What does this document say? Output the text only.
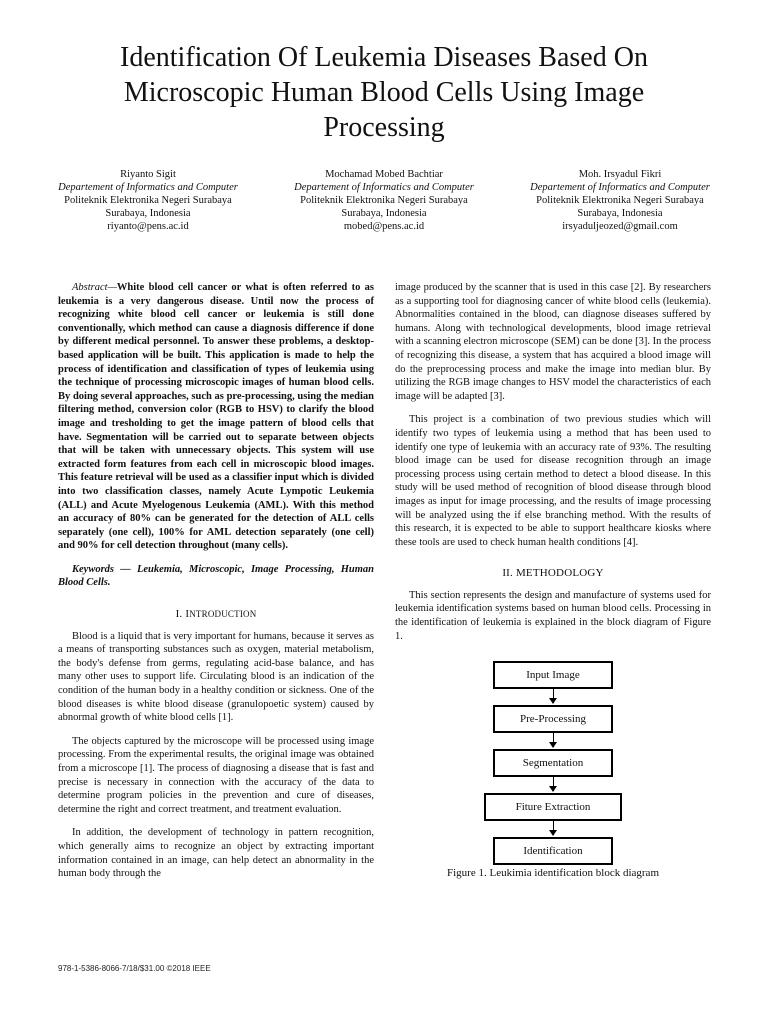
Identification Of Leukemia Diseases Based On Microscopic Human Blood Cells Using Image Processing
Riyanto Sigit
Departement of Informatics and Computer
Politeknik Elektronika Negeri Surabaya
Surabaya, Indonesia
riyanto@pens.ac.id
Mochamad Mobed Bachtiar
Departement of Informatics and Computer
Politeknik Elektronika Negeri Surabaya
Surabaya, Indonesia
mobed@pens.ac.id
Moh. Irsyadul Fikri
Departement of Informatics and Computer
Politeknik Elektronika Negeri Surabaya
Surabaya, Indonesia
irsyaduljeozed@gmail.com

Abstract—White blood cell cancer or what is often referred to as leukemia is a very dangerous disease. Until now the process of recognizing white blood cell cancer or leukemia is still done conventionally, which method can cause a diagnosis difference if done by different medical personnel. To answer these problems, a desktop-based application will be built. This application is made to help the process of identification and classification of types of leukemia using the technique of processing microscopic images of human blood cells. By doing several approaches, such as pre-processing, using the median filtering method, conversion color (RGB to HSV) to clarify the blood image and tresholding to get the image pattern of blood cells that have. Segmentation will be carried out to separate between objects that will be taken with unnecessary objects. This system will use extracted form features from each cell in microscopic blood images. This feature retrieval will be used as a classifier input which is divided into two classification classes, namely Acute Lympotic Leukemia (ALL) and Acute Myelogenous Leukemia (AML). With this method an accuracy of 80% can be generated for the detection of ALL cells separately (one cell), 100% for AML detection separately (one cell) and 90% for cell detection throughout (many cells).

Keywords — Leukemia, Microscopic, Image Processing, Human Blood Cells.

I. INTRODUCTION

Blood is a liquid that is very important for humans, because it serves as a means of transporting substances such as oxygen, material metabolism, the body's defense from germs, regulating acid-base balance, and has many other uses to support life. Circulating blood is an indication of the condition of the human body in a healthy condition or sickness. One of the blood diseases is white blood disease (granulopoetic system) caused by abnormal growth of white blood cells [1].

The objects captured by the microscope will be processed using image processing. From the experimental results, the original image was obtained from a microscope [1]. The process of diagnosing a disease that is fast and precise is necessary in connection with the accuracy of the data to determine program policies in the prevention and cure of diseases, determine the right and correct treatment, and treatment evaluation.

In addition, the development of technology in pattern recognition, which generally aims to recognize an object by extracting important information contained in an image, can help detect an abnormality in the human body through the

image produced by the scanner that is used in this case [2]. By researchers as a supporting tool for diagnosing cancer of white blood cells (leukemia). Abnormalities contained in the blood, can diagnose diseases suffered by humans. Along with technological developments, blood image retrieval with a scanning electron microscope (SEM) can be done [3]. In the process of recognizing this disease, a system that has acquired a blood image will do the preprocessing process and make the image into median blur. By utilizing the RGB image changes to HSV model the characteristics of each image will be adapted [3].

This project is a combination of two previous studies which will identify two types of leukemia using a method that has been used to identify one type of leukemia with an accuracy rate of 93%. The resulting blood image can be used for disease recognition through an image processing process using certain method to detect a blood disease. In this study will be used method of recognition of blood disease through blood images as input for image processing, and the results of image processing will be analyzed using the if else branching method. With the results of this research, it is expected to be able to support healthcare kiosks where these tools are used to check human health conditions [4].

II. METHODOLOGY

This section represents the design and manufacture of systems used for leukemia identification systems based on human blood cells. Processing in the identification of leukemia is explained in the block diagram of Figure 1.

Input Image
Pre-Processing
Segmentation
Fiture Extraction
Identification
Figure 1. Leukimia identification block diagram
978-1-5386-8066-7/18/$31.00 ©2018 IEEE
